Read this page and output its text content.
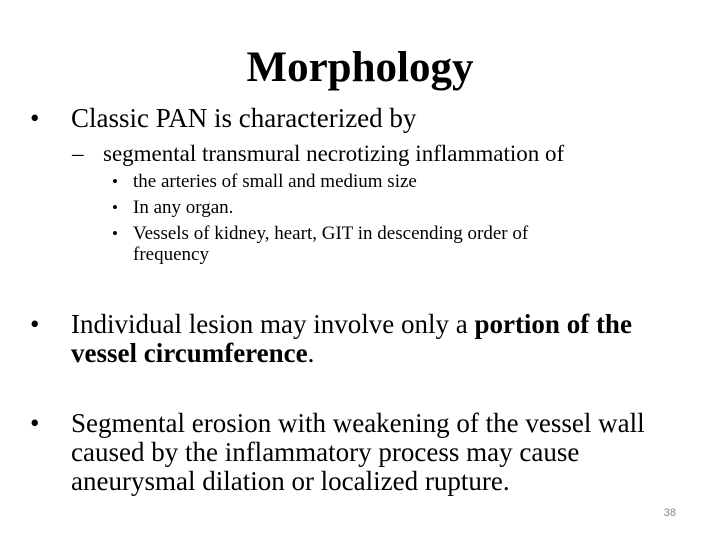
Morphology
• Classic PAN is characterized by
– segmental transmural necrotizing inflammation of
• the arteries of small and medium size
• In any organ.
• Vessels of kidney, heart, GIT in descending order of frequency
• Individual lesion may involve only a portion of the vessel circumference.
• Segmental erosion with weakening of the vessel wall caused by the inflammatory process may cause aneurysmal dilation or localized rupture.
38
